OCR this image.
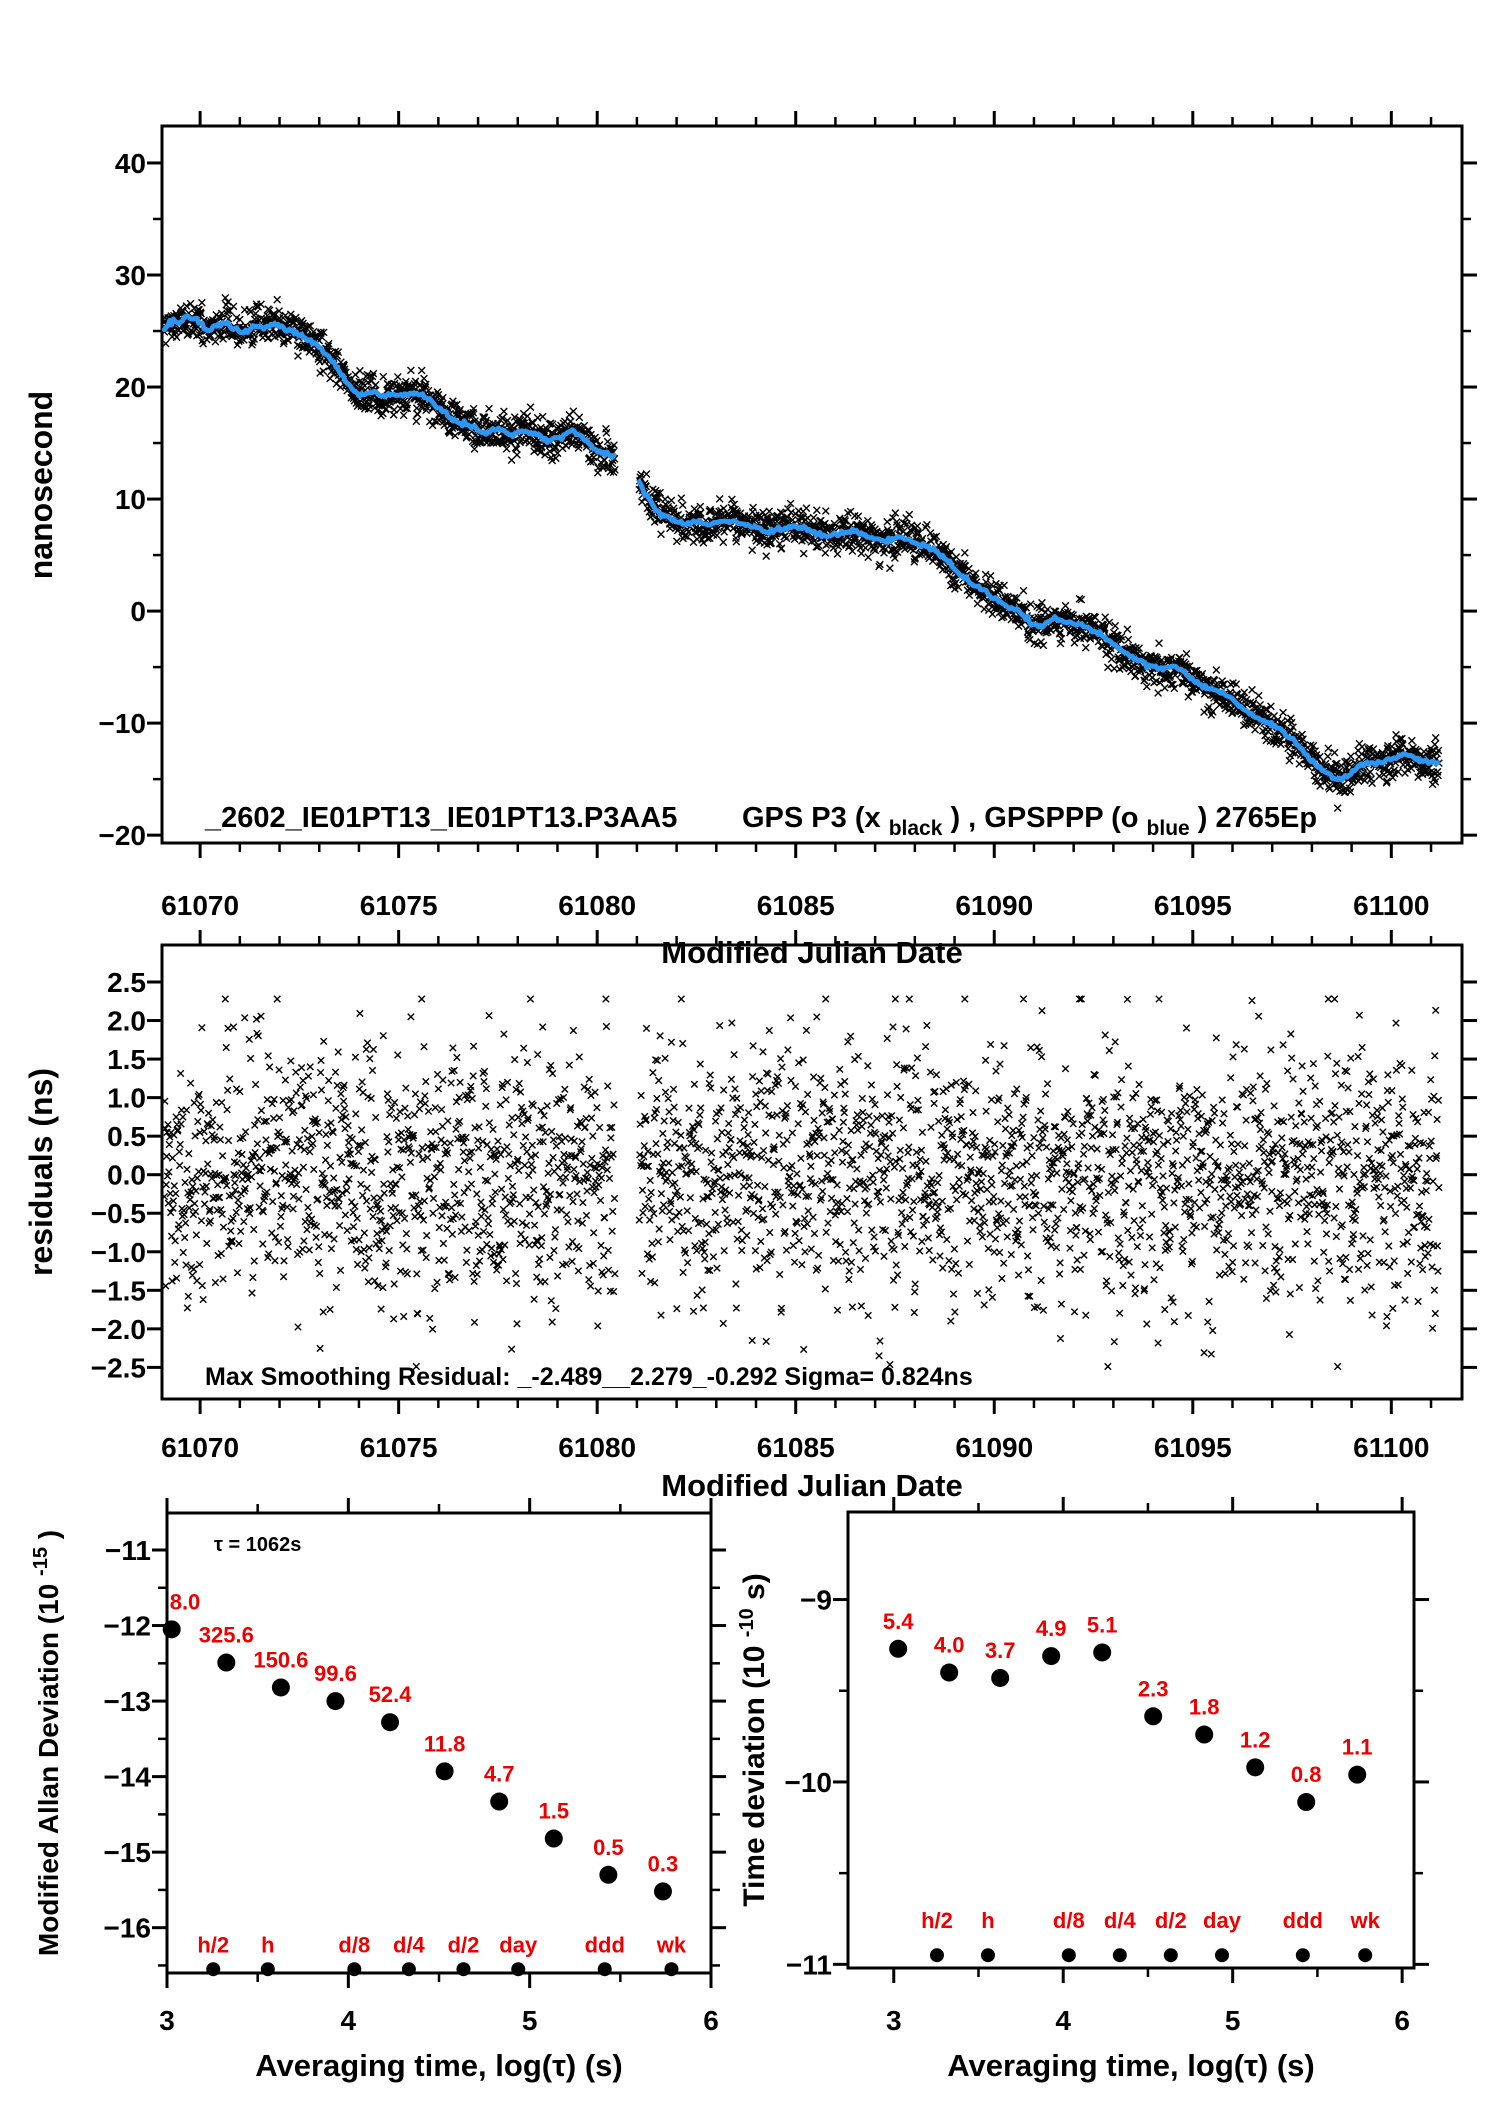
61070	61075	61080	61085	61090	61095	61100
40
30
20
10
0
−10
−20
nanosecond
Modified Julian Date
_2602_IE01PT13_IE01PT13.P3AA5 GPS P3 (x $_{black}$ ) , GPSPPP (o $_{blue}$ ) 2765Ep
61070	61075	61080	61085	61090	61095	61100
2.5
2.0
1.5
1.0
0.5
0.0
−0.5
−1.0
−1.5
−2.0
−2.5
residuals (ns)
Modified Julian Date
Max Smoothing Residual: _-2.489__2.279_-0.292 Sigma= 0.824ns
3	4	5	6
−11
−12
−13
−14
−15
−16
8.0
325.6
150.6
99.6
52.4
11.8
4.7
1.5
0.5
0.3
h/2 h	d/8 d/4 d/2 day ddd wk
Modified Allan Deviation (10 $^{-15}$ )
Averaging time, log(τ) (s)
τ = 1062s
3	4	5	6
−9
−10
−11
5.4
4.0 3.7
4.9 5.1
2.3
1.8
1.2
0.8
1.1
h/2 h	d/8 d/4 d/2 day ddd wk
Time deviation (10 $^{-10}$ s)
Averaging time, log(τ) (s)
